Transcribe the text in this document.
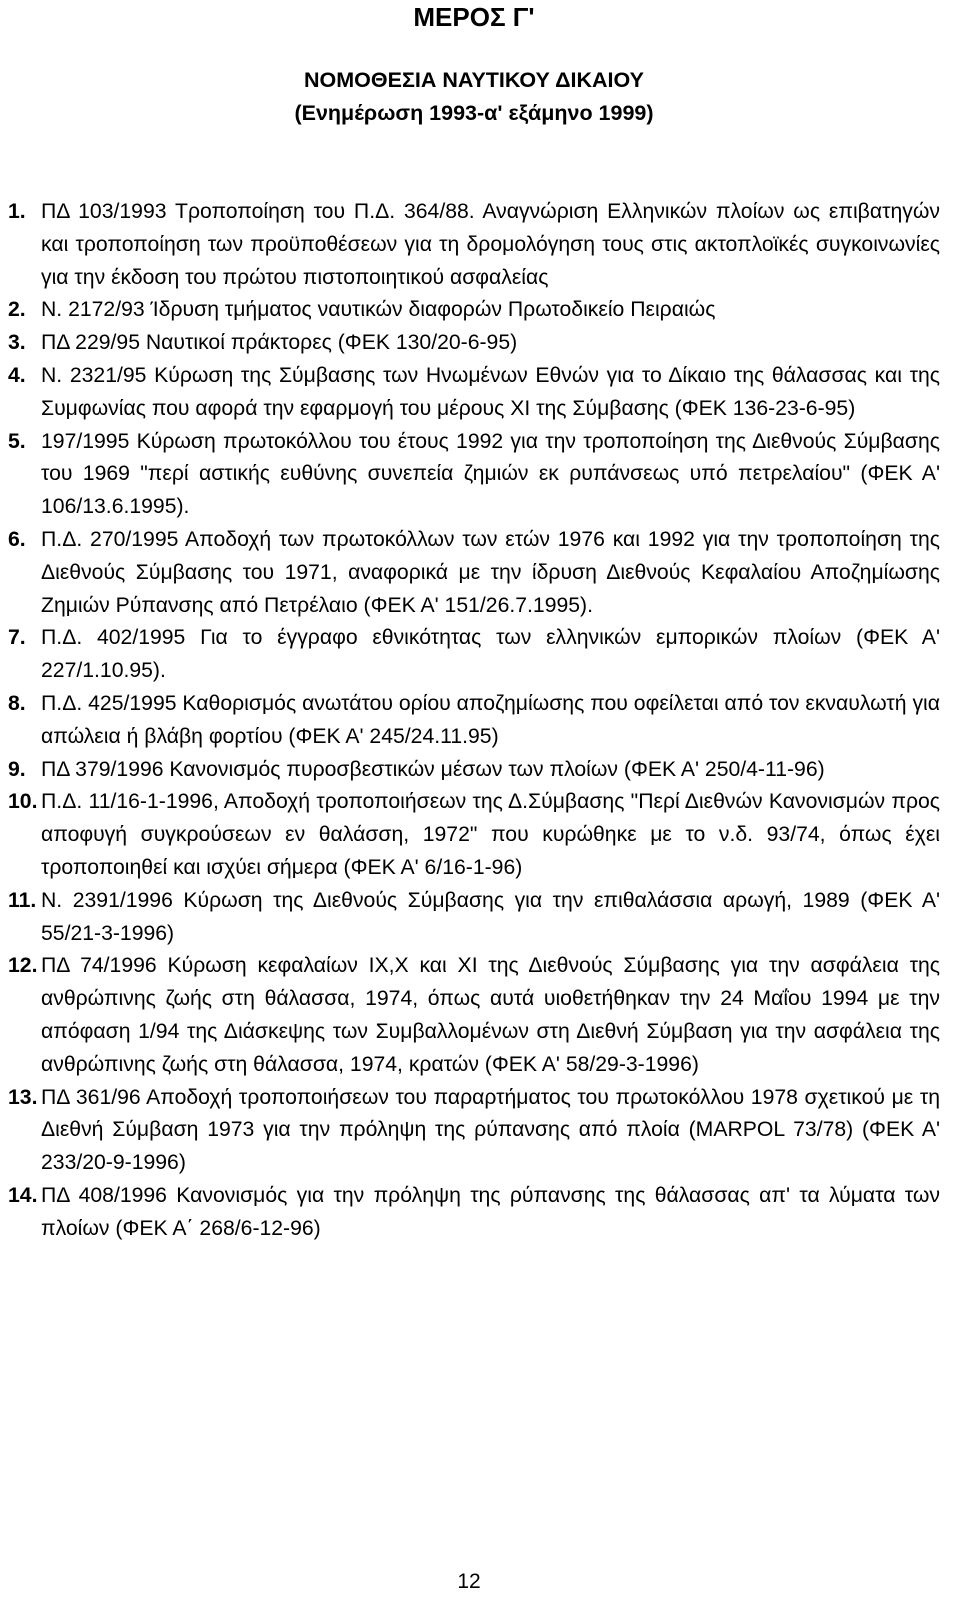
ΜΕΡΟΣ Γ'
ΝΟΜΟΘΕΣΙΑ ΝΑΥΤΙΚΟΥ ΔΙΚΑΙΟΥ
(Ενημέρωση 1993-α' εξάμηνο 1999)
1. ΠΔ 103/1993 Τροποποίηση του Π.Δ. 364/88. Αναγνώριση Ελληνικών πλοίων ως επιβατηγών και τροποποίηση των προϋποθέσεων για τη δρομολόγηση τους στις ακτοπλοϊκές συγκοινωνίες για την έκδοση του πρώτου πιστοποιητικού ασφαλείας
2. Ν. 2172/93 Ίδρυση τμήματος ναυτικών διαφορών Πρωτοδικείο Πειραιώς
3. ΠΔ 229/95 Ναυτικοί πράκτορες (ΦΕΚ 130/20-6-95)
4. Ν. 2321/95 Κύρωση της Σύμβασης των Ηνωμένων Εθνών για το Δίκαιο της θάλασσας και της Συμφωνίας που αφορά την εφαρμογή του μέρους ΧΙ της Σύμβασης (ΦΕΚ 136-23-6-95)
5. 197/1995 Κύρωση πρωτοκόλλου του έτους 1992 για την τροποποίηση της Διεθνούς Σύμβασης του 1969 "περί αστικής ευθύνης συνεπεία ζημιών εκ ρυπάνσεως υπό πετρελαίου" (ΦΕΚ Α' 106/13.6.1995).
6. Π.Δ. 270/1995 Αποδοχή των πρωτοκόλλων των ετών 1976 και 1992 για την τροποποίηση της Διεθνούς Σύμβασης του 1971, αναφορικά με την ίδρυση Διεθνούς Κεφαλαίου Αποζημίωσης Ζημιών Ρύπανσης από Πετρέλαιο (ΦΕΚ Α' 151/26.7.1995).
7. Π.Δ. 402/1995 Για το έγγραφο εθνικότητας των ελληνικών εμπορικών πλοίων (ΦΕΚ Α' 227/1.10.95).
8. Π.Δ. 425/1995 Καθορισμός ανωτάτου ορίου αποζημίωσης που οφείλεται από τον εκναυλωτή για απώλεια ή βλάβη φορτίου (ΦΕΚ Α' 245/24.11.95)
9. ΠΔ 379/1996 Κανονισμός πυροσβεστικών μέσων των πλοίων (ΦΕΚ Α' 250/4-11-96)
10. Π.Δ. 11/16-1-1996, Αποδοχή τροποποιήσεων της Δ.Σύμβασης "Περί Διεθνών Κανονισμών προς αποφυγή συγκρούσεων εν θαλάσση, 1972" που κυρώθηκε με το ν.δ. 93/74, όπως έχει τροποποιηθεί και ισχύει σήμερα (ΦΕΚ Α' 6/16-1-96)
11. Ν. 2391/1996 Κύρωση της Διεθνούς Σύμβασης για την επιθαλάσσια αρωγή, 1989 (ΦΕΚ Α' 55/21-3-1996)
12. ΠΔ 74/1996 Κύρωση κεφαλαίων ΙΧ,Χ και ΧΙ της Διεθνούς Σύμβασης για την ασφάλεια της ανθρώπινης ζωής στη θάλασσα, 1974, όπως αυτά υιοθετήθηκαν την 24 Μαΐου 1994 με την απόφαση 1/94 της Διάσκεψης των Συμβαλλομένων στη Διεθνή Σύμβαση για την ασφάλεια της ανθρώπινης ζωής στη θάλασσα, 1974, κρατών (ΦΕΚ Α' 58/29-3-1996)
13. ΠΔ 361/96 Αποδοχή τροποποιήσεων του παραρτήματος του πρωτοκόλλου 1978 σχετικού με τη Διεθνή Σύμβαση 1973 για την πρόληψη της ρύπανσης από πλοία (MARPOL 73/78) (ΦΕΚ Α' 233/20-9-1996)
14. ΠΔ 408/1996 Κανονισμός για την πρόληψη της ρύπανσης της θάλασσας απ' τα λύματα των πλοίων (ΦΕΚ Α΄ 268/6-12-96)
12
